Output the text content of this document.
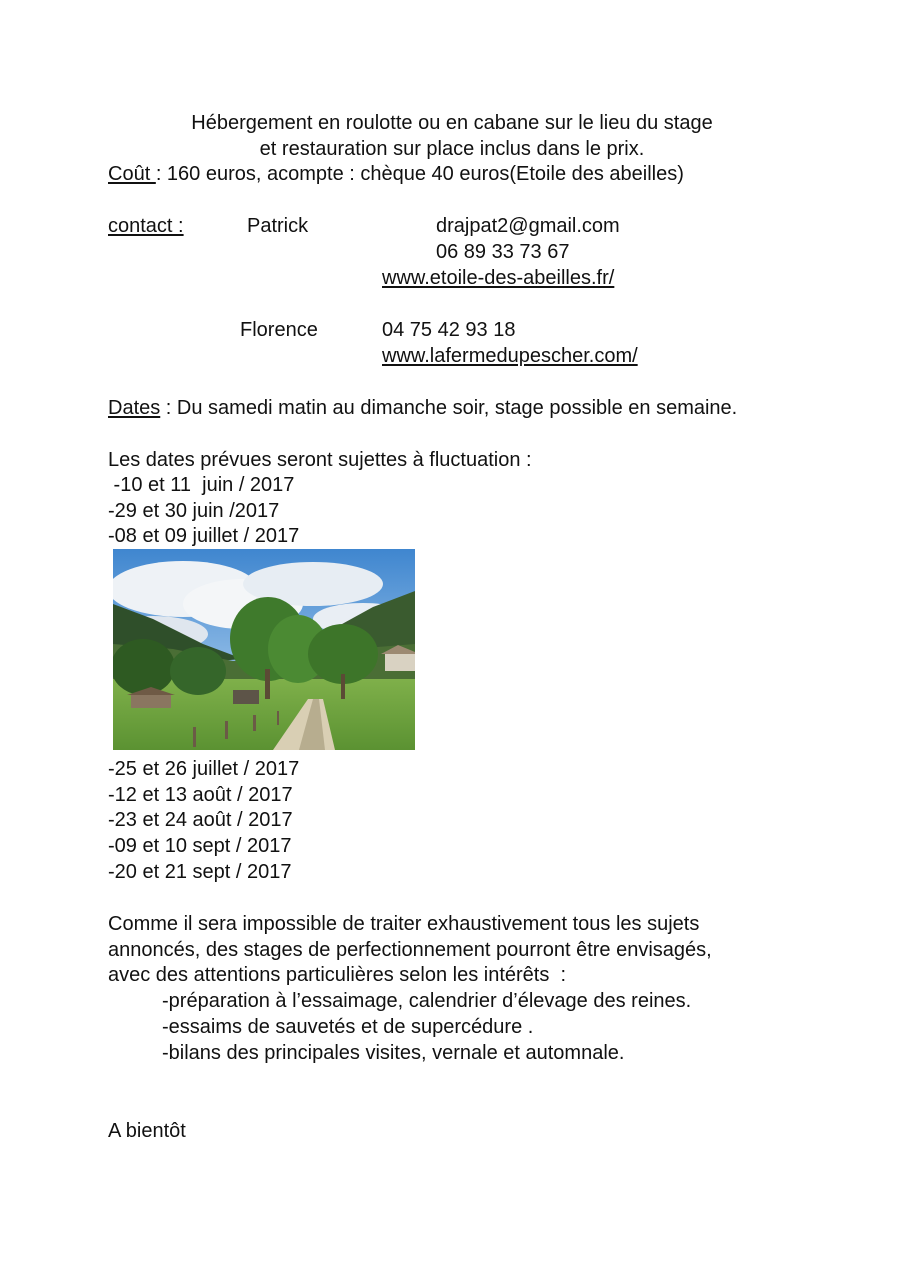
Hébergement en roulotte ou en cabane sur le lieu du stage
et restauration sur place inclus dans le prix.
Coût : 160 euros, acompte : chèque 40 euros(Etoile des abeilles)
contact :	Patrick	drajpat2@gmail.com
06 89 33 73 67
www.etoile-des-abeilles.fr/
Florence	04 75 42 93 18
www.lafermedupescher.com/
Dates : Du samedi matin au dimanche soir, stage possible en semaine.
Les dates prévues seront sujettes à fluctuation :
-10 et 11  juin / 2017
-29 et 30 juin /2017
-08 et 09 juillet / 2017
-25 et 26 juillet / 2017
-12 et 13 août / 2017
-23 et 24 août / 2017
-09 et 10 sept / 2017
-20 et 21 sept / 2017
Comme il sera impossible de traiter exhaustivement tous les sujets
annoncés, des stages de perfectionnement pourront être envisagés,
avec des attentions particulières selon les intérêts  :
-préparation à l’essaimage, calendrier d’élevage des reines.
-essaims de sauvetés et de supercédure .
-bilans des principales visites, vernale et automnale.
A bientôt
